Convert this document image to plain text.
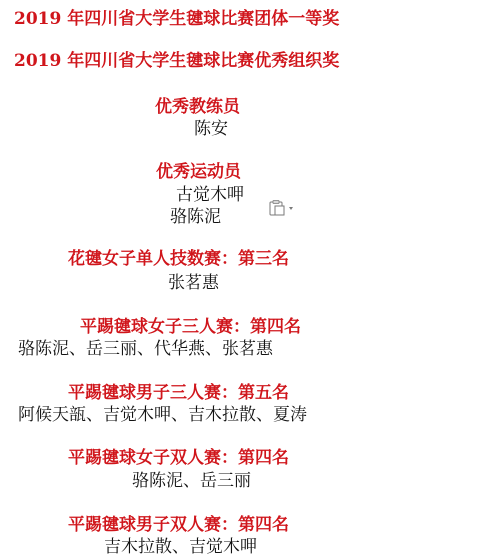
2019 年四川省大学生毽球比赛团体一等奖
2019 年四川省大学生毽球比赛优秀组织奖
优秀教练员
陈安
优秀运动员
古觉木呷
骆陈泥
花毽女子单人技数赛：第三名
张茗惠
平踢毽球女子三人赛：第四名
骆陈泥、岳三丽、代华燕、张茗惠
平踢毽球男子三人赛：第五名
阿候天瓿、吉觉木呷、吉木拉散、夏涛
平踢毽球女子双人赛：第四名
骆陈泥、岳三丽
平踢毽球男子双人赛：第四名
吉木拉散、吉觉木呷
